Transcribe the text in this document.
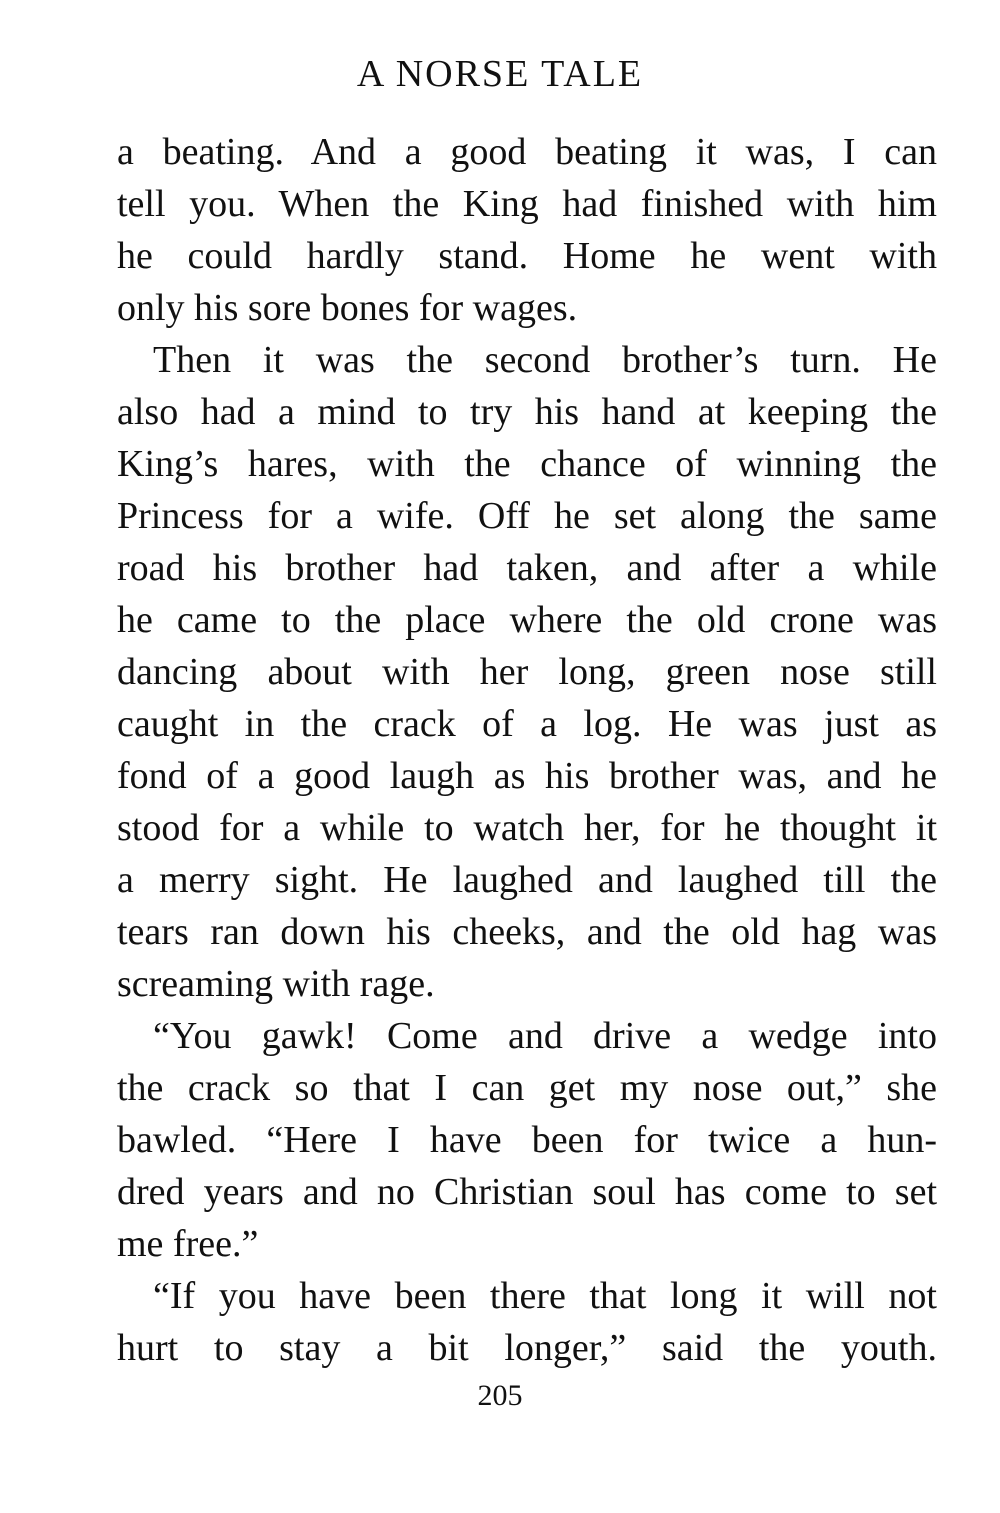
A NORSE TALE
a beating. And a good beating it was, I can
tell you. When the King had finished with him
he could hardly stand. Home he went with
only his sore bones for wages.
Then it was the second brother’s turn. He
also had a mind to try his hand at keeping the
King’s hares, with the chance of winning the
Princess for a wife. Off he set along the same
road his brother had taken, and after a while
he came to the place where the old crone was
dancing about with her long, green nose still
caught in the crack of a log. He was just as
fond of a good laugh as his brother was, and he
stood for a while to watch her, for he thought it
a merry sight. He laughed and laughed till the
tears ran down his cheeks, and the old hag was
screaming with rage.
“You gawk! Come and drive a wedge into
the crack so that I can get my nose out,” she
bawled. “Here I have been for twice a hun-
dred years and no Christian soul has come to set
me free.”
“If you have been there that long it will not
hurt to stay a bit longer,” said the youth.
205
